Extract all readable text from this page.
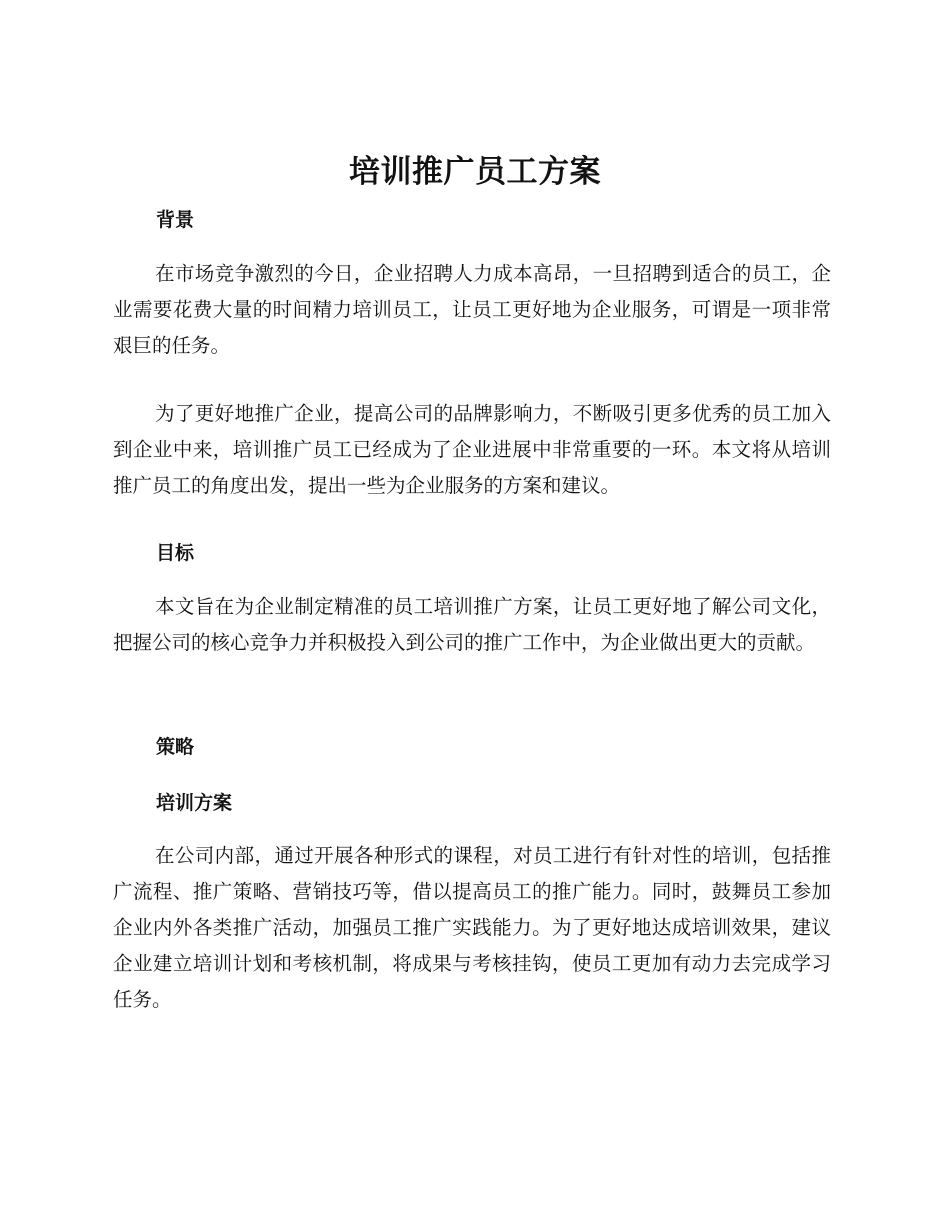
培训推广员工方案
背景

在市场竞争激烈的今日，企业招聘人力成本高昂，一旦招聘到适合的员工，企业需要花费大量的时间精力培训员工，让员工更好地为企业服务，可谓是一项非常艰巨的任务。

为了更好地推广企业，提高公司的品牌影响力，不断吸引更多优秀的员工加入到企业中来，培训推广员工已经成为了企业进展中非常重要的一环。本文将从培训推广员工的角度出发，提出一些为企业服务的方案和建议。

目标

本文旨在为企业制定精准的员工培训推广方案，让员工更好地了解公司文化，把握公司的核心竞争力并积极投入到公司的推广工作中，为企业做出更大的贡献。

策略
培训方案

在公司内部，通过开展各种形式的课程，对员工进行有针对性的培训，包括推广流程、推广策略、营销技巧等，借以提高员工的推广能力。同时，鼓舞员工参加企业内外各类推广活动，加强员工推广实践能力。为了更好地达成培训效果，建议企业建立培训计划和考核机制，将成果与考核挂钩，使员工更加有动力去完成学习任务。
